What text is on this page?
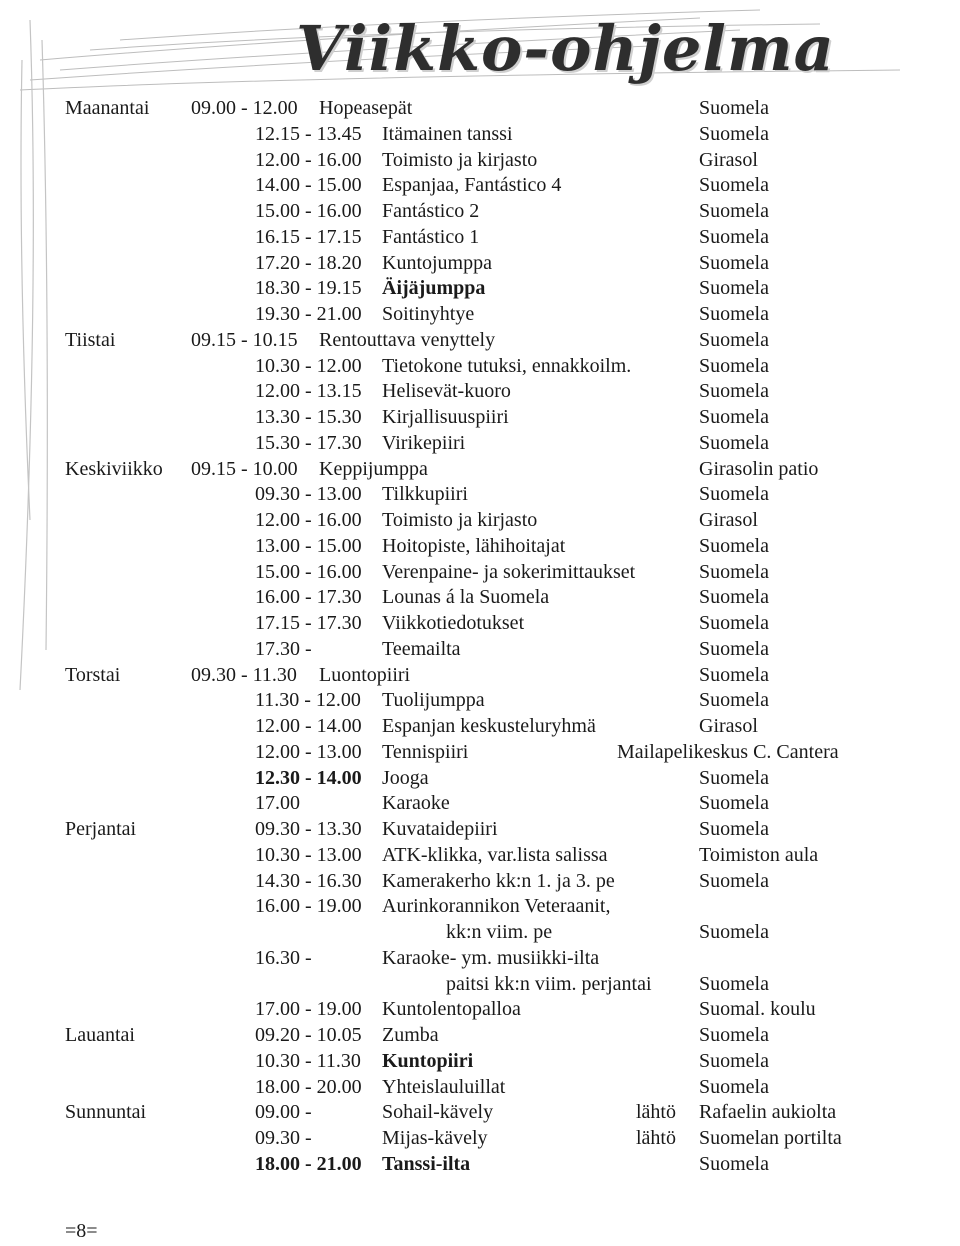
Viikko-ohjelma
Maanantai 09.00 - 12.00 Hopeasepät	Suomela
12.15 - 13.45 Itämainen tanssi	Suomela
12.00 - 16.00 Toimisto ja kirjasto	Girasol
14.00 - 15.00 Espanjaa, Fantástico 4	Suomela
15.00 - 16.00 Fantástico 2	Suomela
16.15 - 17.15 Fantástico 1	Suomela
17.20 - 18.20 Kuntojumppa	Suomela
18.30 - 19.15 Äijäjumppa	Suomela
19.30 - 21.00 Soitinyhtye	Suomela
Tiistai	09.15 - 10.15 Rentouttava venyttely	Suomela
10.30 - 12.00 Tietokone tutuksi, ennakkoilm.	Suomela
12.00 - 13.15 Helisevät-kuoro	Suomela
13.30 - 15.30 Kirjallisuuspiiri	Suomela
15.30 - 17.30 Virikepiiri	Suomela
Keskiviikko 09.15 - 10.00 Keppijumppa	Girasolin patio
09.30 - 13.00 Tilkkupiiri	Suomela
12.00 - 16.00 Toimisto ja kirjasto	Girasol
13.00 - 15.00 Hoitopiste, lähihoitajat	Suomela
15.00 - 16.00 Verenpaine- ja sokerimittaukset	Suomela
16.00 - 17.30 Lounas á la Suomela	Suomela
17.15 - 17.30 Viikkotiedotukset	Suomela
17.30 -	Teemailta	Suomela
Torstai	09.30 - 11.30 Luontopiiri	Suomela
11.30 - 12.00 Tuolijumppa	Suomela
12.00 - 14.00 Espanjan keskusteluryhmä	Girasol
12.00 - 13.00 Tennispiiri	Mailapelikeskus C. Cantera
12.30 - 14.00 Jooga	Suomela
17.00	Karaoke	Suomela
Perjantai	09.30 - 13.30 Kuvataidepiiri	Suomela
10.30 - 13.00 ATK-klikka, var.lista salissa	Toimiston aula
14.30 - 16.30 Kamerakerho kk:n 1. ja 3. pe	Suomela
16.00 - 19.00 Aurinkorannikon Veteraanit,
kk:n viim. pe	Suomela
16.30 -	Karaoke- ym. musiikki-ilta
paitsi kk:n viim. perjantai Suomela
17.00 - 19.00 Kuntolentopalloa	Suomal. koulu
Lauantai	09.20 - 10.05 Zumba	Suomela
10.30 - 11.30 Kuntopiiri	Suomela
18.00 - 20.00 Yhteislauluillat	Suomela
Sunnuntai	09.00 -	Sohail-kävely	lähtö Rafaelin aukiolta
09.30 -	Mijas-kävely	lähtö Suomelan portilta
18.00 - 21.00 Tanssi-ilta	Suomela
=8=
